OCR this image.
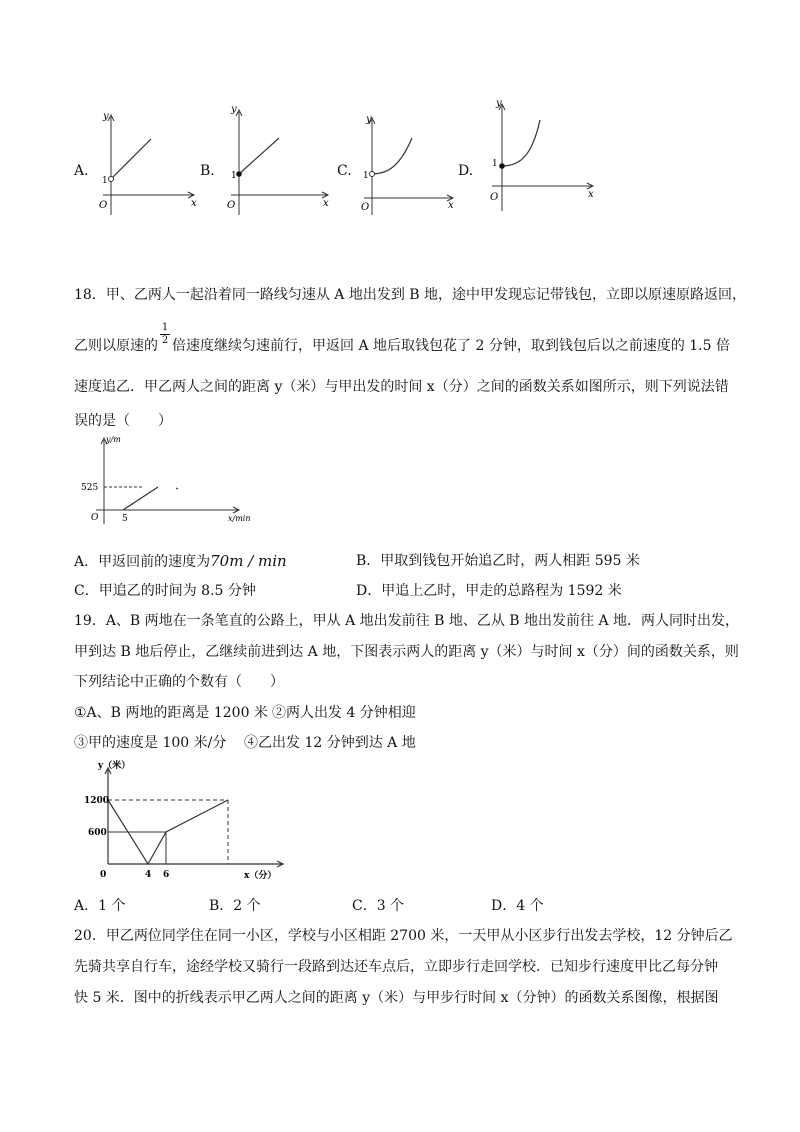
A.
y
x
O
1
B.
y
x
O
1	C.
y
x
O
1	D.
y
x
O
1
18．甲、乙两人一起沿着同一路线匀速从 A 地出发到 B 地，途中甲发现忘记带钱包，立即以原速原路返回，
乙则以原速的 $\frac{1}{2}$ 倍速度继续匀速前行，甲返回 A 地后取钱包花了 2 分钟，取到钱包后以之前速度的 1.5 倍
速度追乙．甲乙两人之间的距离 y（米）与甲出发的时间 x（分）之间的函数关系如图所示，则下列说法错
误的是（　　）
y/m
x/min
O
525
5
A．甲返回前的速度为70m / min	B．甲取到钱包开始追乙时，两人相距 595 米
C．甲追乙的时间为 8.5 分钟	D．甲追上乙时，甲走的总路程为 1592 米
19．A、B 两地在一条笔直的公路上，甲从 A 地出发前往 B 地、乙从 B 地出发前往 A 地．两人同时出发，
甲到达 B 地后停止，乙继续前进到达 A 地，下图表示两人的距离 y（米）与时间 x（分）间的函数关系，则
下列结论中正确的个数有（　　）
①A、B 两地的距离是 1200 米 ②两人出发 4 分钟相迎
③甲的速度是 100 米/分 ④乙出发 12 分钟到达 A 地
y（米）
x（分）
0
1200
600
4 6
A．1 个	B．2 个	C．3 个	D．4 个
20．甲乙两位同学住在同一小区，学校与小区相距 2700 米，一天甲从小区步行出发去学校，12 分钟后乙
先骑共享自行车，途经学校又骑行一段路到达还车点后，立即步行走回学校．已知步行速度甲比乙每分钟
快 5 米．图中的折线表示甲乙两人之间的距离 y（米）与甲步行时间 x（分钟）的函数关系图像，根据图
